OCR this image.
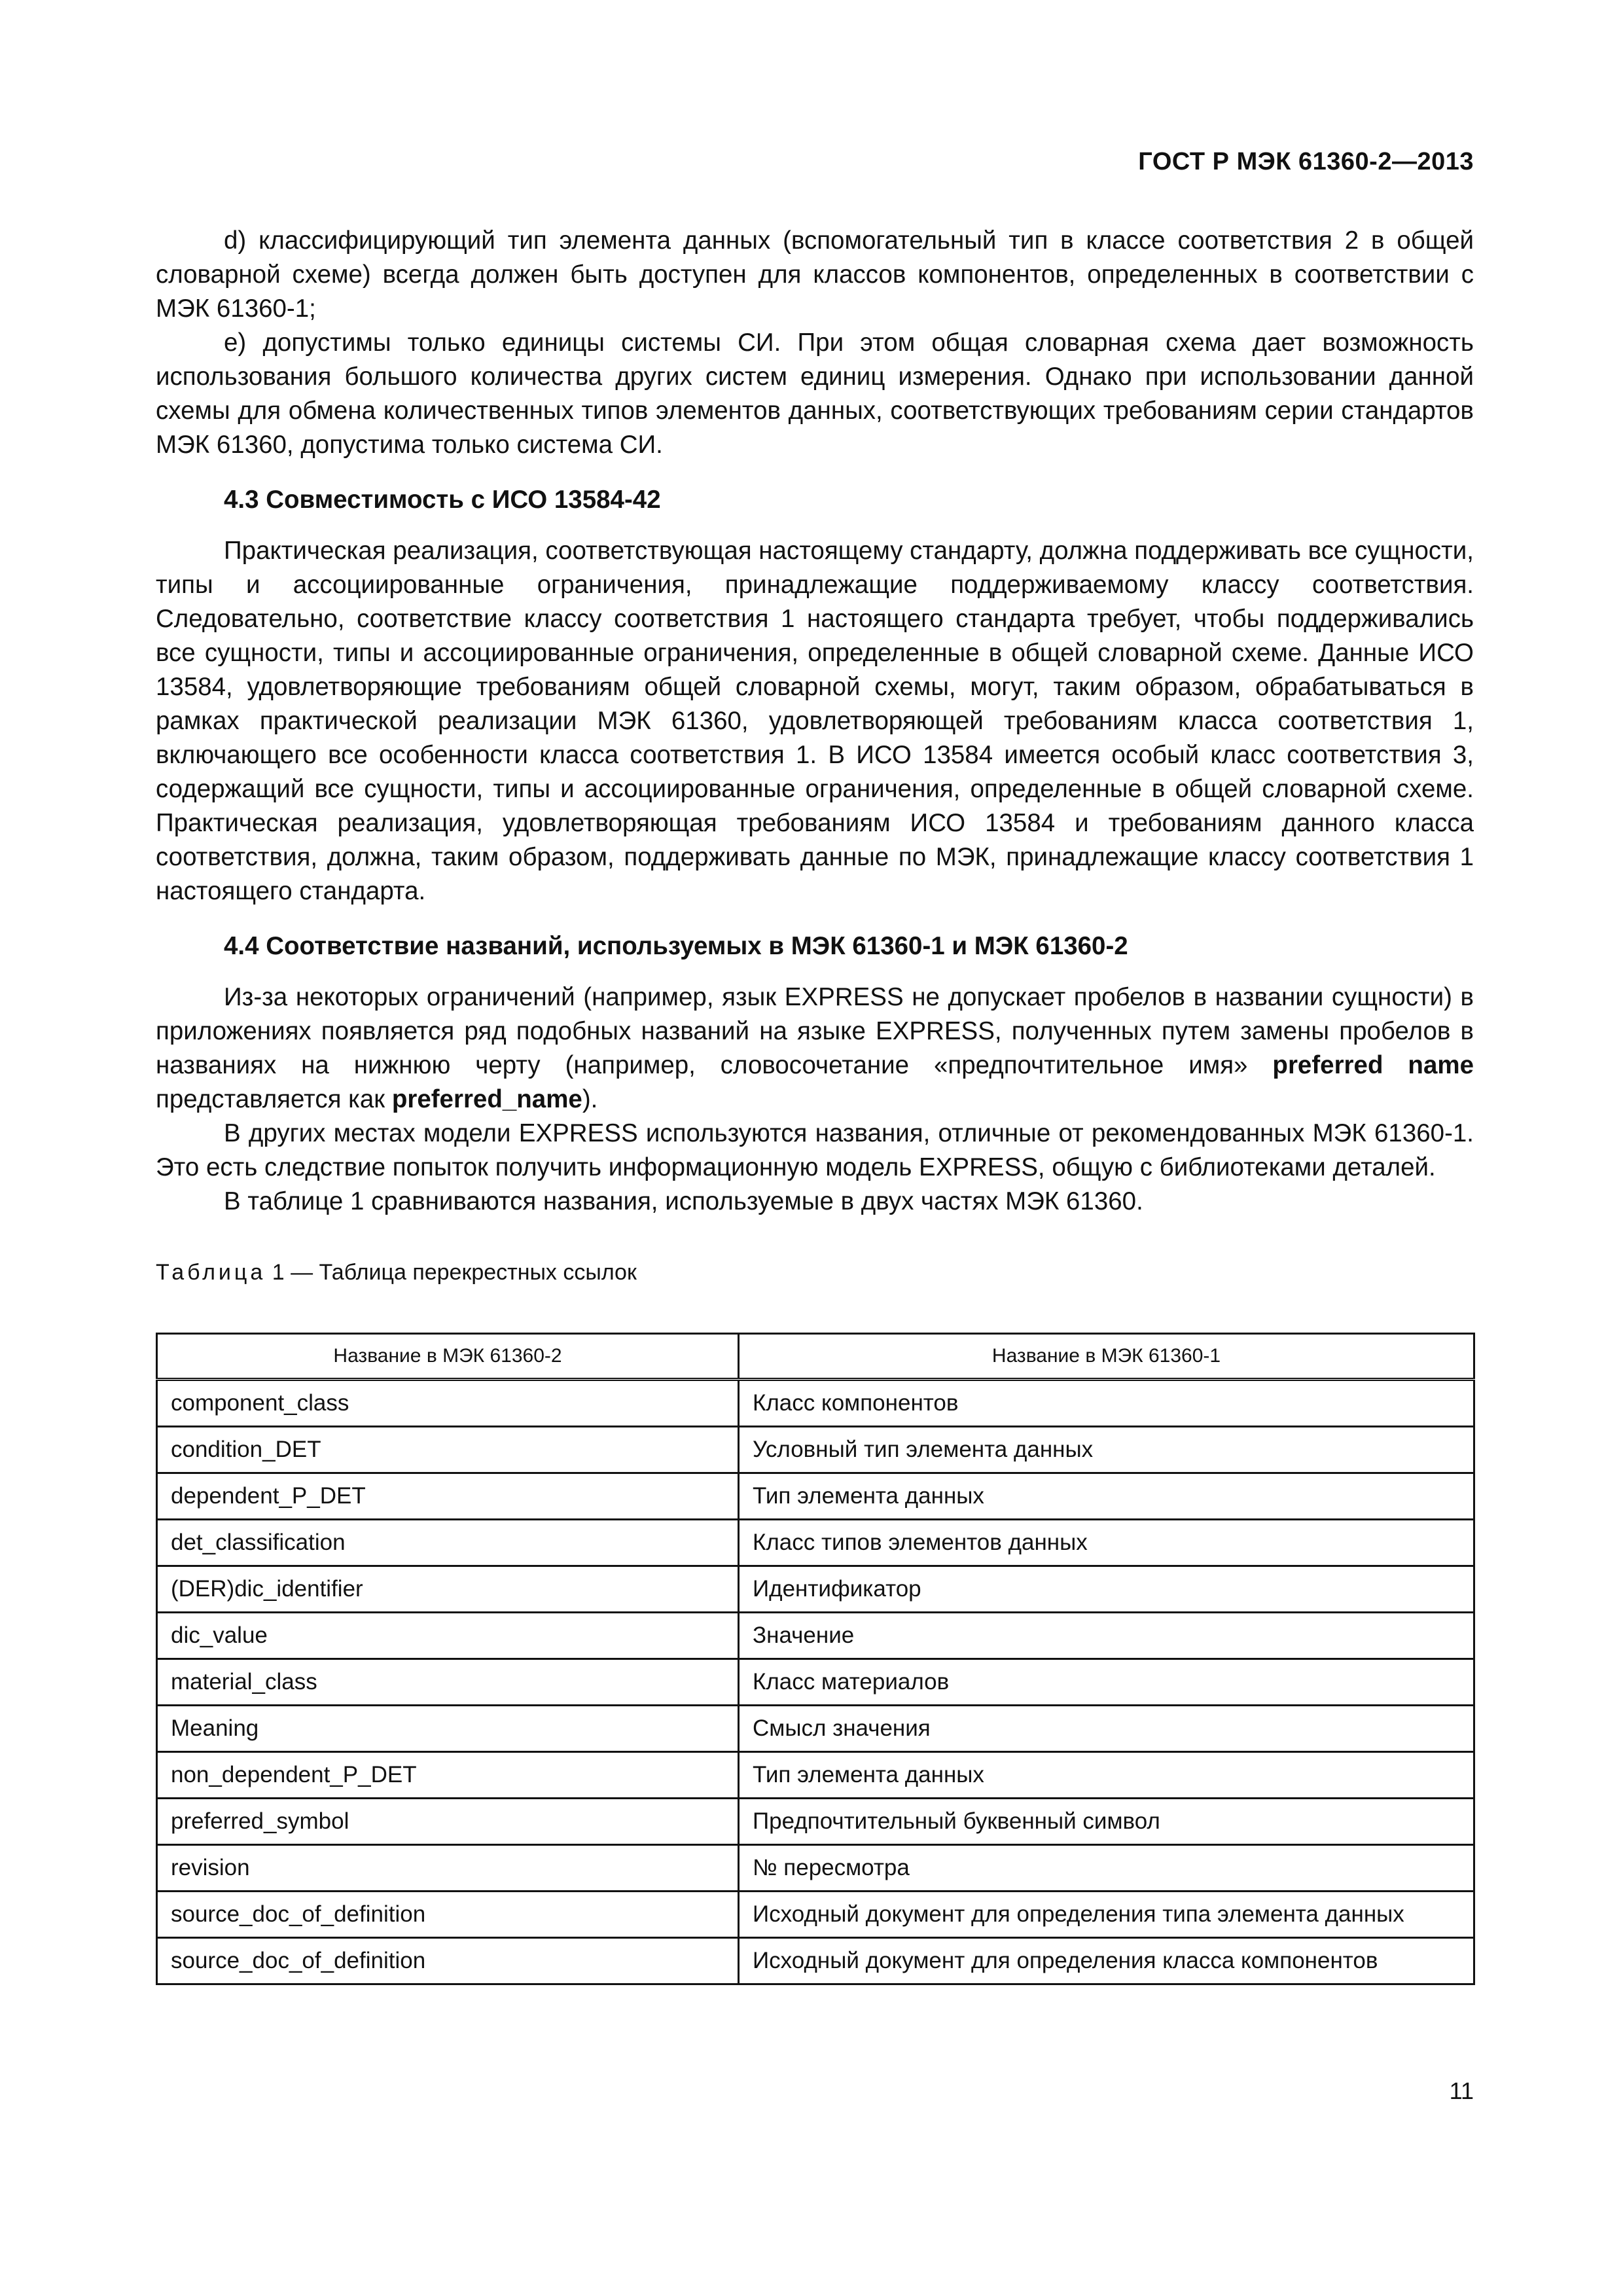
ГОСТ Р МЭК 61360-2—2013

d) классифицирующий тип элемента данных (вспомогательный тип в классе соответствия 2 в общей словарной схеме) всегда должен быть доступен для классов компонентов, определенных в соответствии с МЭК 61360-1;

e) допустимы только единицы системы СИ. При этом общая словарная схема дает возможность использования большого количества других систем единиц измерения. Однако при использовании данной схемы для обмена количественных типов элементов данных, соответствующих требованиям серии стандартов МЭК 61360, допустима только система СИ.

4.3 Совместимость с ИСО 13584-42

Практическая реализация, соответствующая настоящему стандарту, должна поддерживать все сущности, типы и ассоциированные ограничения, принадлежащие поддерживаемому классу соответствия. Следовательно, соответствие классу соответствия 1 настоящего стандарта требует, чтобы поддерживались все сущности, типы и ассоциированные ограничения, определенные в общей словарной схеме. Данные ИСО 13584, удовлетворяющие требованиям общей словарной схемы, могут, таким образом, обрабатываться в рамках практической реализации МЭК 61360, удовлетворяющей требованиям класса соответствия 1, включающего все особенности класса соответствия 1. В ИСО 13584 имеется особый класс соответствия 3, содержащий все сущности, типы и ассоциированные ограничения, определенные в общей словарной схеме. Практическая реализация, удовлетворяющая требованиям ИСО 13584 и требованиям данного класса соответствия, должна, таким образом, поддерживать данные по МЭК, принадлежащие классу соответствия 1 настоящего стандарта.

4.4 Соответствие названий, используемых в МЭК 61360-1 и МЭК 61360-2

Из-за некоторых ограничений (например, язык EXPRESS не допускает пробелов в названии сущности) в приложениях появляется ряд подобных названий на языке EXPRESS, полученных путем замены пробелов в названиях на нижнюю черту (например, словосочетание «предпочтительное имя» preferred name представляется как preferred_name).

В других местах модели EXPRESS используются названия, отличные от рекомендованных МЭК 61360-1. Это есть следствие попыток получить информационную модель EXPRESS, общую с библиотеками деталей.

В таблице 1 сравниваются названия, используемые в двух частях МЭК 61360.

Таблица 1 — Таблица перекрестных ссылок
Название в МЭК 61360-2	Название в МЭК 61360-1
component_class	Класс компонентов
condition_DET	Условный тип элемента данных
dependent_P_DET	Тип элемента данных
det_classification	Класс типов элементов данных
(DER)dic_identifier	Идентификатор
dic_value	Значение
material_class	Класс материалов
Meaning	Смысл значения
non_dependent_P_DET	Тип элемента данных
preferred_symbol	Предпочтительный буквенный символ
revision	№ пересмотра
source_doc_of_definition	Исходный документ для определения типа элемента данных
source_doc_of_definition	Исходный документ для определения класса компонентов
11
